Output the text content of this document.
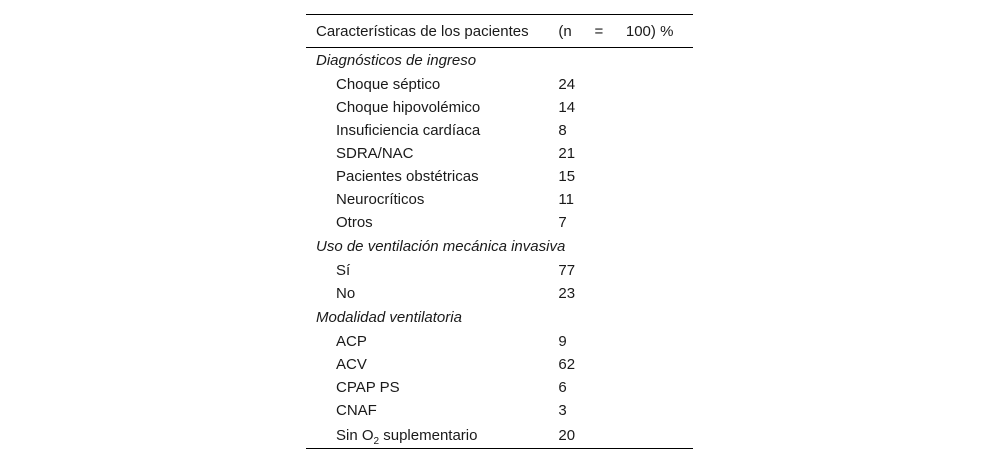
Características de los pacientes	(n = 100) %

Diagnósticos de ingreso	
Choque séptico	24
Choque hipovolémico	14
Insuficiencia cardíaca	8
SDRA/NAC	21
Pacientes obstétricas	15
Neurocríticos	11
Otros	7
Uso de ventilación mecánica invasiva	
Sí	77
No	23
Modalidad ventilatoria	
ACP	9
ACV	62
CPAP PS	6
CNAF	3
Sin $O_2$ suplementario	20
